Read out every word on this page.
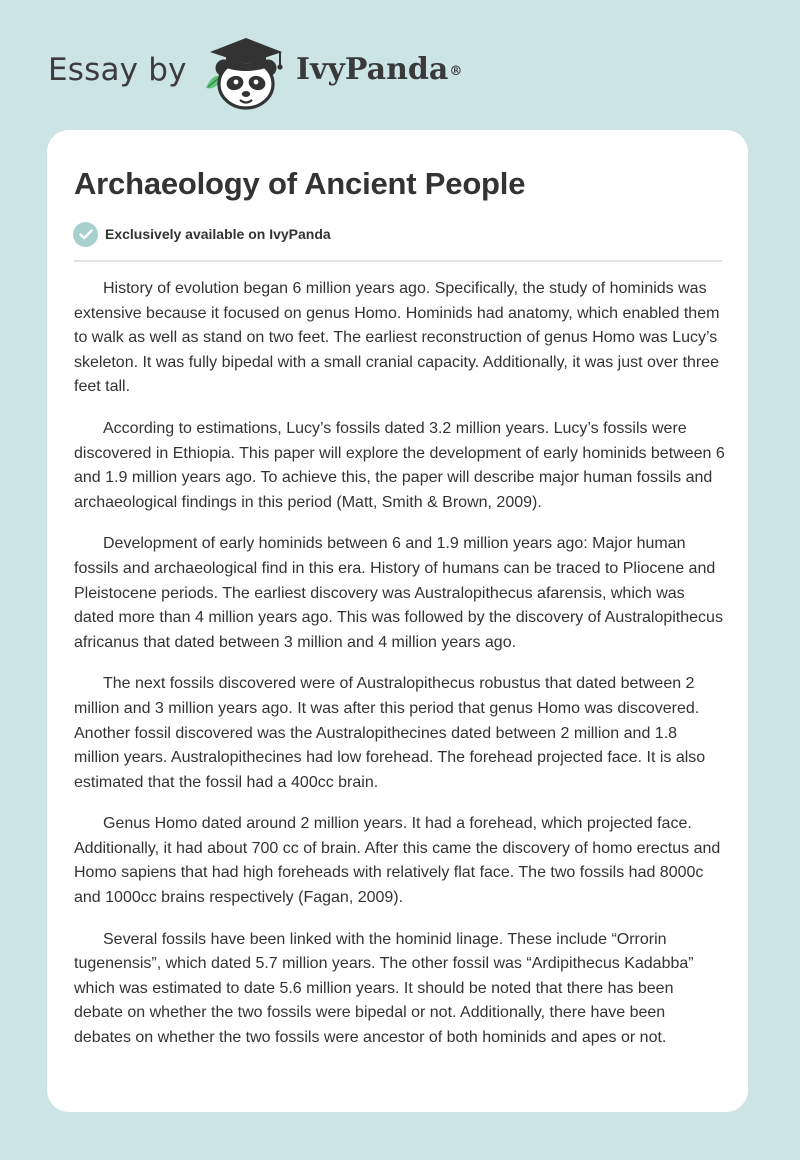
Essay by	IvyPanda®
Archaeology of Ancient People
Exclusively available on IvyPanda

History of evolution began 6 million years ago. Specifically, the study of hominids was extensive because it focused on genus Homo. Hominids had anatomy, which enabled them to walk as well as stand on two feet. The earliest reconstruction of genus Homo was Lucy’s skeleton. It was fully bipedal with a small cranial capacity. Additionally, it was just over three feet tall.

According to estimations, Lucy’s fossils dated 3.2 million years. Lucy’s fossils were discovered in Ethiopia. This paper will explore the development of early hominids between 6 and 1.9 million years ago. To achieve this, the paper will describe major human fossils and archaeological findings in this period (Matt, Smith & Brown, 2009).

Development of early hominids between 6 and 1.9 million years ago: Major human fossils and archaeological find in this era. History of humans can be traced to Pliocene and Pleistocene periods. The earliest discovery was Australopithecus afarensis, which was dated more than 4 million years ago. This was followed by the discovery of Australopithecus africanus that dated between 3 million and 4 million years ago.

The next fossils discovered were of Australopithecus robustus that dated between 2 million and 3 million years ago. It was after this period that genus Homo was discovered. Another fossil discovered was the Australopithecines dated between 2 million and 1.8 million years. Australopithecines had low forehead. The forehead projected face. It is also estimated that the fossil had a 400cc brain.

Genus Homo dated around 2 million years. It had a forehead, which projected face. Additionally, it had about 700 cc of brain. After this came the discovery of homo erectus and Homo sapiens that had high foreheads with relatively flat face. The two fossils had 8000c and 1000cc brains respectively (Fagan, 2009).

Several fossils have been linked with the hominid linage. These include “Orrorin tugenensis”, which dated 5.7 million years. The other fossil was “Ardipithecus Kadabba” which was estimated to date 5.6 million years. It should be noted that there has been debate on whether the two fossils were bipedal or not. Additionally, there have been debates on whether the two fossils were ancestor of both hominids and apes or not.
